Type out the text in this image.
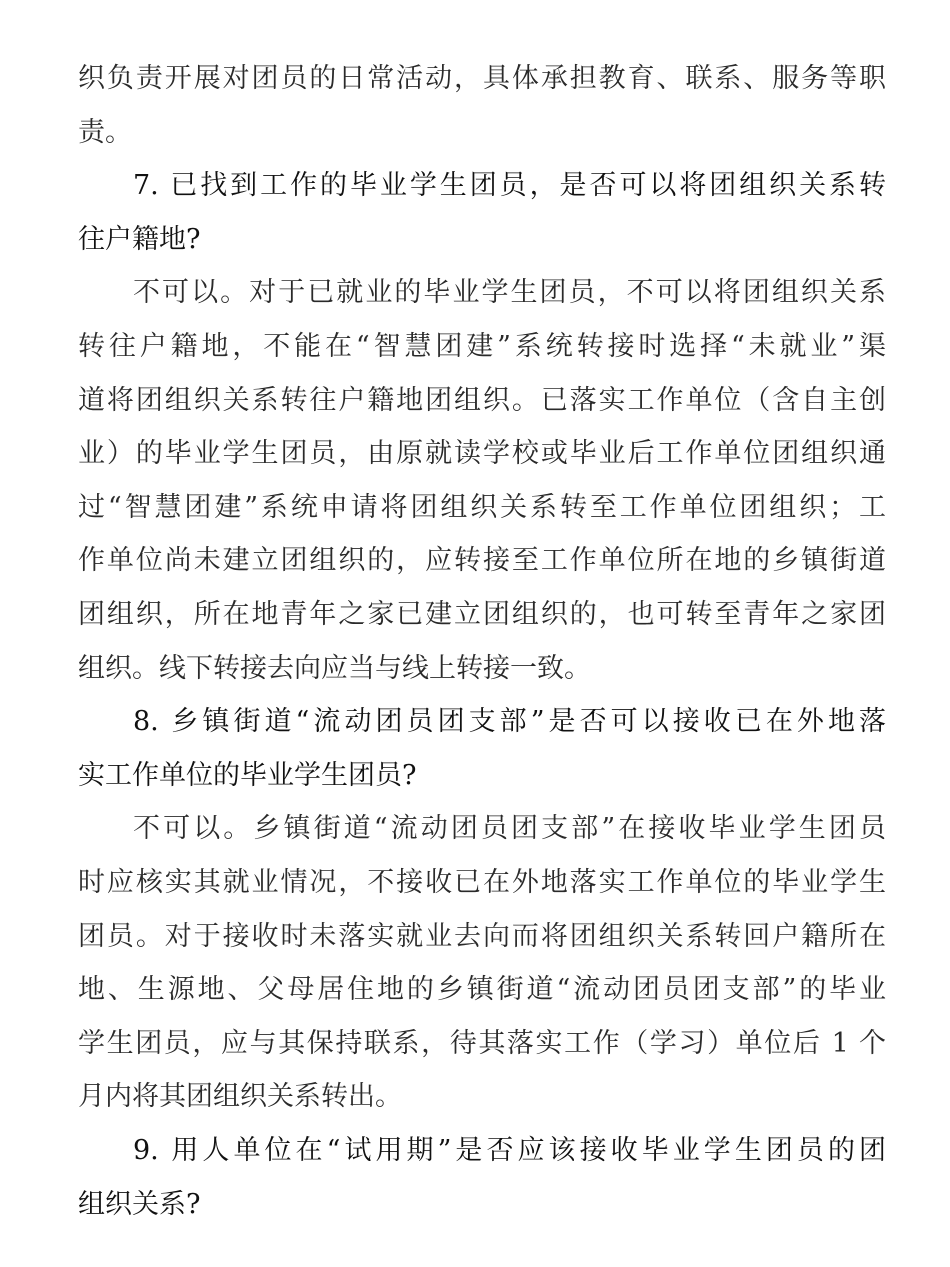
织负责开展对团员的日常活动，具体承担教育、联系、服务等职
责。
7. 已找到工作的毕业学生团员，是否可以将团组织关系转
往户籍地?
不可以。对于已就业的毕业学生团员，不可以将团组织关系
转往户籍地，不能在“智慧团建”系统转接时选择“未就业”渠
道将团组织关系转往户籍地团组织。已落实工作单位（含自主创
业）的毕业学生团员，由原就读学校或毕业后工作单位团组织通
过“智慧团建”系统申请将团组织关系转至工作单位团组织；工
作单位尚未建立团组织的，应转接至工作单位所在地的乡镇街道
团组织，所在地青年之家已建立团组织的，也可转至青年之家团
组织。线下转接去向应当与线上转接一致。
8. 乡镇街道“流动团员团支部”是否可以接收已在外地落
实工作单位的毕业学生团员?
不可以。乡镇街道“流动团员团支部”在接收毕业学生团员
时应核实其就业情况，不接收已在外地落实工作单位的毕业学生
团员。对于接收时未落实就业去向而将团组织关系转回户籍所在
地、生源地、父母居住地的乡镇街道“流动团员团支部”的毕业
学生团员，应与其保持联系，待其落实工作（学习）单位后 1 个
月内将其团组织关系转出。
9. 用人单位在“试用期”是否应该接收毕业学生团员的团
组织关系?
